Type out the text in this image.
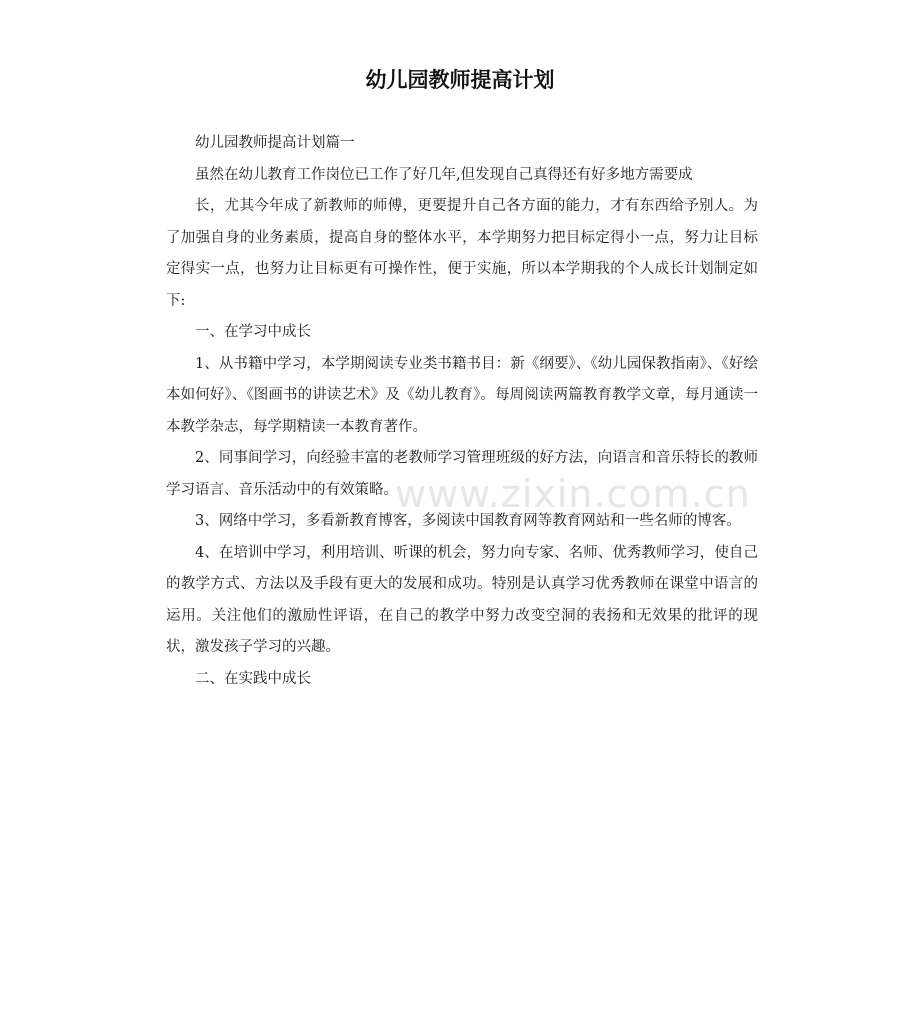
幼儿园教师提高计划

幼儿园教师提高计划篇一

虽然在幼儿教育工作岗位已工作了好几年,但发现自己真得还有好多地方需要成

长，尤其今年成了新教师的师傅，更要提升自己各方面的能力，才有东西给予别人。为了加强自身的业务素质，提高自身的整体水平，本学期努力把目标定得小一点，努力让目标定得实一点，也努力让目标更有可操作性，便于实施，所以本学期我的个人成长计划制定如下:

一、在学习中成长

1、从书籍中学习，本学期阅读专业类书籍书目：新《纲要》、《幼儿园保教指南》、《好绘本如何好》、《图画书的讲读艺术》及《幼儿教育》。每周阅读两篇教育教学文章，每月通读一本教学杂志，每学期精读一本教育著作。

2、同事间学习，向经验丰富的老教师学习管理班级的好方法，向语言和音乐特长的教师学习语言、音乐活动中的有效策略。

3、网络中学习，多看新教育博客，多阅读中国教育网等教育网站和一些名师的博客。

4、在培训中学习，利用培训、听课的机会，努力向专家、名师、优秀教师学习，使自己的教学方式、方法以及手段有更大的发展和成功。特别是认真学习优秀教师在课堂中语言的运用。关注他们的激励性评语，在自己的教学中努力改变空洞的表扬和无效果的批评的现状，激发孩子学习的兴趣。

二、在实践中成长

www.zixin.com.cn
